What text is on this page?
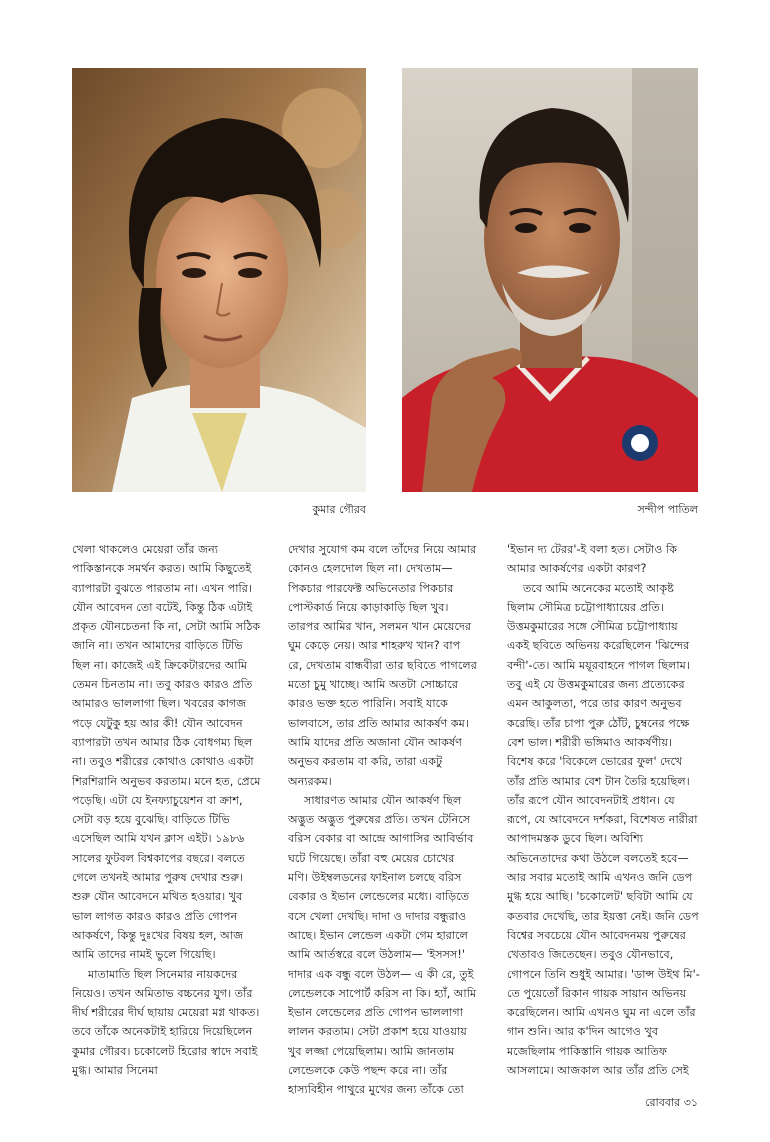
কুমার গৌরব	সন্দীপ পাতিল

খেলা থাকলেও মেয়েরা তাঁর জন্য পাকিস্তানকে সমর্থন করত। আমি কিছুতেই ব্যাপারটা বুঝতে পারতাম না। এখন পারি। যৌন আবেদন তো বটেই, কিন্তু ঠিক এটাই প্রকৃত যৌনচেতনা কি না, সেটা আমি সঠিক জানি না। তখন আমাদের বাড়িতে টিভি ছিল না। কাজেই এই ক্রিকেটারদের আমি তেমন চিনতাম না। তবু কারও কারও প্রতি আমারও ভাললাগা ছিল। খবরের কাগজ পড়ে যেটুকু হয় আর কী! যৌন আবেদন ব্যাপারটা তখন আমার ঠিক বোধগম্য ছিল না। তবুও শরীরের কোথাও কোথাও একটা শিরশিরানি অনুভব করতাম। মনে হত, প্রেমে পড়েছি। এটা যে ইনফ্যাচুয়েশন বা ক্রাশ, সেটা বড় হয়ে বুঝেছি। বাড়িতে টিভি এসেছিল আমি যখন ক্লাস এইট। ১৯৮৬ সালের ফুটবল বিশ্বকাপের বছরে। বলতে গেলে তখনই আমার পুরুষ দেখার শুরু। শুরু যৌন আবেদনে মথিত হওয়ার। খুব ভাল লাগত কারও কারও প্রতি গোপন আকর্ষণে, কিন্তু দুঃখের বিষয় হল, আজ আমি তাদের নামই ভুলে গিয়েছি।

মাতামাতি ছিল সিনেমার নায়কদের নিয়েও। তখন অমিতাভ বচ্চনের যুগ। তাঁর দীর্ঘ শরীরের দীর্ঘ ছায়ায় মেয়েরা মগ্ন থাকত। তবে তাঁকে অনেকটাই হারিয়ে দিয়েছিলেন কুমার গৌরব। চকোলেট হিরোর স্বাদে সবাই মুগ্ধ। আমার সিনেমা

দেখার সুযোগ কম বলে তাঁদের নিয়ে আমার কোনও হেলদোল ছিল না। দেখতাম— পিকচার পারফেক্ট অভিনেতার পিকচার পোস্টকার্ড নিয়ে কাড়াকাড়ি ছিল খুব। তারপর আমির খান, সলমন খান মেয়েদের ঘুম কেড়ে নেয়। আর শাহরুখ খান? বাপ রে, দেখতাম বান্ধবীরা তার ছবিতে পাগলের মতো চুমু খাচ্ছে। আমি অতটা সোচ্চারে কারও ভক্ত হতে পারিনি। সবাই যাকে ভালবাসে, তার প্রতি আমার আকর্ষণ কম। আমি যাদের প্রতি অজানা যৌন আকর্ষণ অনুভব করতাম বা করি, তারা একটু অন্যরকম।

সাধারণত আমার যৌন আকর্ষণ ছিল অদ্ভুত অদ্ভুত পুরুষের প্রতি। তখন টেনিসে বরিস বেকার বা আন্দ্রে আগাসির আবির্ভাব ঘটে গিয়েছে। তাঁরা বহু মেয়ের চোখের মণি। উইম্বলডনের ফাইনাল চলছে বরিস বেকার ও ইভান লেন্ডেলের মধ্যে। বাড়িতে বসে খেলা দেখছি। দাদা ও দাদার বন্ধুরাও আছে। ইভান লেন্ডেল একটা গেম হারালে আমি আর্তস্বরে বলে উঠলাম— 'ইসসস!' দাদার এক বন্ধু বলে উঠল— এ কী রে, তুই লেন্ডেলকে সাপোর্ট করিস না কি। হ্যাঁ, আমি ইভান লেন্ডেলের প্রতি গোপন ভাললাগা লালন করতাম। সেটা প্রকাশ হয়ে যাওয়ায় খুব লজ্জা পেয়েছিলাম। আমি জানতাম লেন্ডেলকে কেউ পছন্দ করে না। তাঁর হাস্যবিহীন পাথুরে মুখের জন্য তাঁকে তো

'ইভান দ্য টেরর'-ই বলা হত। সেটাও কি আমার আকর্ষণের একটা কারণ?

তবে আমি অনেকের মতোই আকৃষ্ট ছিলাম সৌমিত্র চট্টোপাধ্যায়ের প্রতি। উত্তমকুমারের সঙ্গে সৌমিত্র চট্টোপাধ্যায় একই ছবিতে অভিনয় করেছিলেন 'ঝিন্দের বন্দী'-তে। আমি ময়ূরবাহনে পাগল ছিলাম। তবু এই যে উত্তমকুমারের জন্য প্রত্যেকের এমন আকুলতা, পরে তার কারণ অনুভব করেছি। তাঁর চাপা পুরু ঠোঁট, চুম্বনের পক্ষে বেশ ভাল। শরীরী ভঙ্গিমাও আকর্ষণীয়। বিশেষ করে 'বিকেলে ভোরের ফুল' দেখে তাঁর প্রতি আমার বেশ টান তৈরি হয়েছিল। তাঁর রূপে যৌন আবেদনটাই প্রধান। যে রূপে, যে আবেদনে দর্শকরা, বিশেষত নারীরা আপাদমস্তক ডুবে ছিল। অবিশ্যি অভিনেতাদের কথা উঠলে বলতেই হবে— আর সবার মতোই আমি এখনও জনি ডেপ মুগ্ধ হয়ে আছি। 'চকোলেট' ছবিটা আমি যে কতবার দেখেছি, তার ইয়ত্তা নেই। জনি ডেপ বিশ্বের সবচেয়ে যৌন আবেদনময় পুরুষের খেতাবও জিতেছেন। তবুও যৌনভাবে, গোপনে তিনি শুধুই আমার। 'ডান্স উইথ মি'-তে পুয়েতোঁ রিকান গায়ক সায়ান অভিনয় করেছিলেন। আমি এখনও ঘুম না এলে তাঁর গান শুনি। আর ক'দিন আগেও খুব মজেছিলাম পাকিস্তানি গায়ক আতিফ আসলামে। আজকাল আর তাঁর প্রতি সেই

রোববার ৩১
